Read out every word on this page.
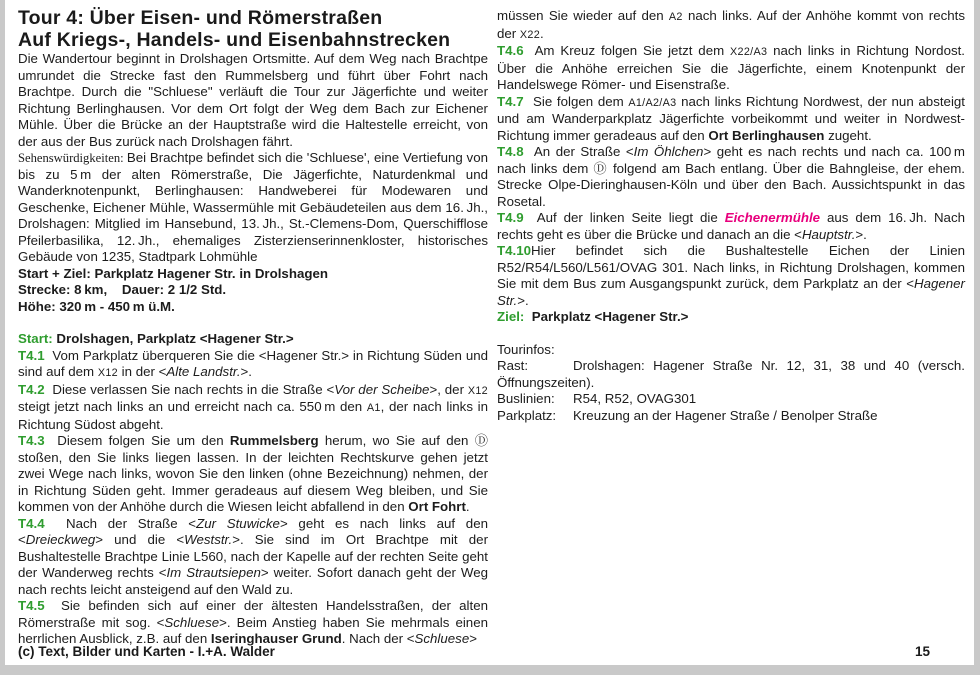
Tour 4: Über Eisen- und Römerstraßen
Auf Kriegs-, Handels- und Eisenbahnstrecken

Die Wandertour beginnt in Drolshagen Ortsmitte. Auf dem Weg nach Brachtpe umrundet die Strecke fast den Rummelsberg und führt über Fohrt nach Brachtpe. Durch die "Schluese" verläuft die Tour zur Jägerfichte und weiter Richtung Berlinghausen. Vor dem Ort folgt der Weg dem Bach zur Eichener Mühle. Über die Brücke an der Hauptstraße wird die Haltestelle erreicht, von der aus der Bus zurück nach Drolshagen fährt.

Sehenswürdigkeiten: Bei Brachtpe befindet sich die 'Schluese', eine Vertiefung von bis zu 5 m der alten Römerstraße, Die Jägerfichte, Naturdenkmal und Wanderknotenpunkt, Berlinghausen: Handweberei für Modewaren und Geschenke, Eichener Mühle, Wassermühle mit Gebäudeteilen aus dem 16. Jh., Drolshagen: Mitglied im Hansebund, 13. Jh., St.-Clemens-Dom, Querschifflose Pfeilerbasilika, 12. Jh., ehemaliges Zisterzienserinnenkloster, historisches Gebäude von 1235, Stadtpark Lohmühle

Start + Ziel: Parkplatz Hagener Str. in Drolshagen

Strecke: 8 km,    Dauer: 2 1/2 Std.

Höhe: 320 m - 450 m ü.M.

Start: Drolshagen, Parkplatz <Hagener Str.>

T4.1  Vom Parkplatz überqueren Sie die <Hagener Str.> in Richtung Süden und sind auf dem X12 in der <Alte Landstr.>.

T4.2  Diese verlassen Sie nach rechts in die Straße <Vor der Scheibe>, der X12 steigt jetzt nach links an und erreicht nach ca. 550 m den A1, der nach links in Richtung Südost abgeht.

T4.3  Diesem folgen Sie um den Rummelsberg herum, wo Sie auf den Ⓓ stoßen, den Sie links liegen lassen. In der leichten Rechtskurve gehen jetzt zwei Wege nach links, wovon Sie den linken (ohne Bezeichnung) nehmen, der in Richtung Süden geht. Immer geradeaus auf diesem Weg bleiben, und Sie kommen von der Anhöhe durch die Wiesen leicht abfallend in den Ort Fohrt.

T4.4  Nach der Straße <Zur Stuwicke> geht es nach links auf den <Dreieckweg> und die <Weststr.>. Sie sind im Ort Brachtpe mit der Bushaltestelle Brachtpe Linie L560, nach der Kapelle auf der rechten Seite geht der Wanderweg rechts <Im Strautsiepen> weiter. Sofort danach geht der Weg nach rechts leicht ansteigend auf den Wald zu.

T4.5  Sie befinden sich auf einer der ältesten Handelsstraßen, der alten Römerstraße mit sog. <Schluese>. Beim Anstieg haben Sie mehrmals einen herrlichen Ausblick, z.B. auf den Iseringhauser Grund. Nach der <Schluese>

müssen Sie wieder auf den A2 nach links. Auf der Anhöhe kommt von rechts der X22.

T4.6  Am Kreuz folgen Sie jetzt dem X22/A3 nach links in Richtung Nordost. Über die Anhöhe erreichen Sie die Jägerfichte, einem Knotenpunkt der Handelswege Römer- und Eisenstraße.

T4.7  Sie folgen dem A1/A2/A3 nach links Richtung Nordwest, der nun absteigt und am Wanderparkplatz Jägerfichte vorbeikommt und weiter in Nordwest-Richtung immer geradeaus auf den Ort Berlinghausen zugeht.

T4.8  An der Straße <Im Öhlchen> geht es nach rechts und nach ca. 100 m nach links dem Ⓓ folgend am Bach entlang. Über die Bahngleise, der ehem. Strecke Olpe-Dieringhausen-Köln und über den Bach. Aussichtspunkt in das Rosetal.

T4.9  Auf der linken Seite liegt die Eichenermühle aus dem 16. Jh. Nach rechts geht es über die Brücke und danach an die <Hauptstr.>.

T4.10Hier befindet sich die Bushaltestelle Eichen der Linien R52/R54/L560/L561/OVAG 301. Nach links, in Richtung Drolshagen, kommen Sie mit dem Bus zum Ausgangspunkt zurück, dem Parkplatz an der <Hagener Str.>.

Ziel:  Parkplatz <Hagener Str.>

Tourinfos:

Rast:	Drolshagen: Hagener Straße Nr. 12, 31, 38 und 40 (versch. Öffnungszeiten).

Buslinien: R54, R52, OVAG301

Parkplatz: Kreuzung an der Hagener Straße / Benolper Straße

(c) Text, Bilder und Karten - I.+A. Walder	15
